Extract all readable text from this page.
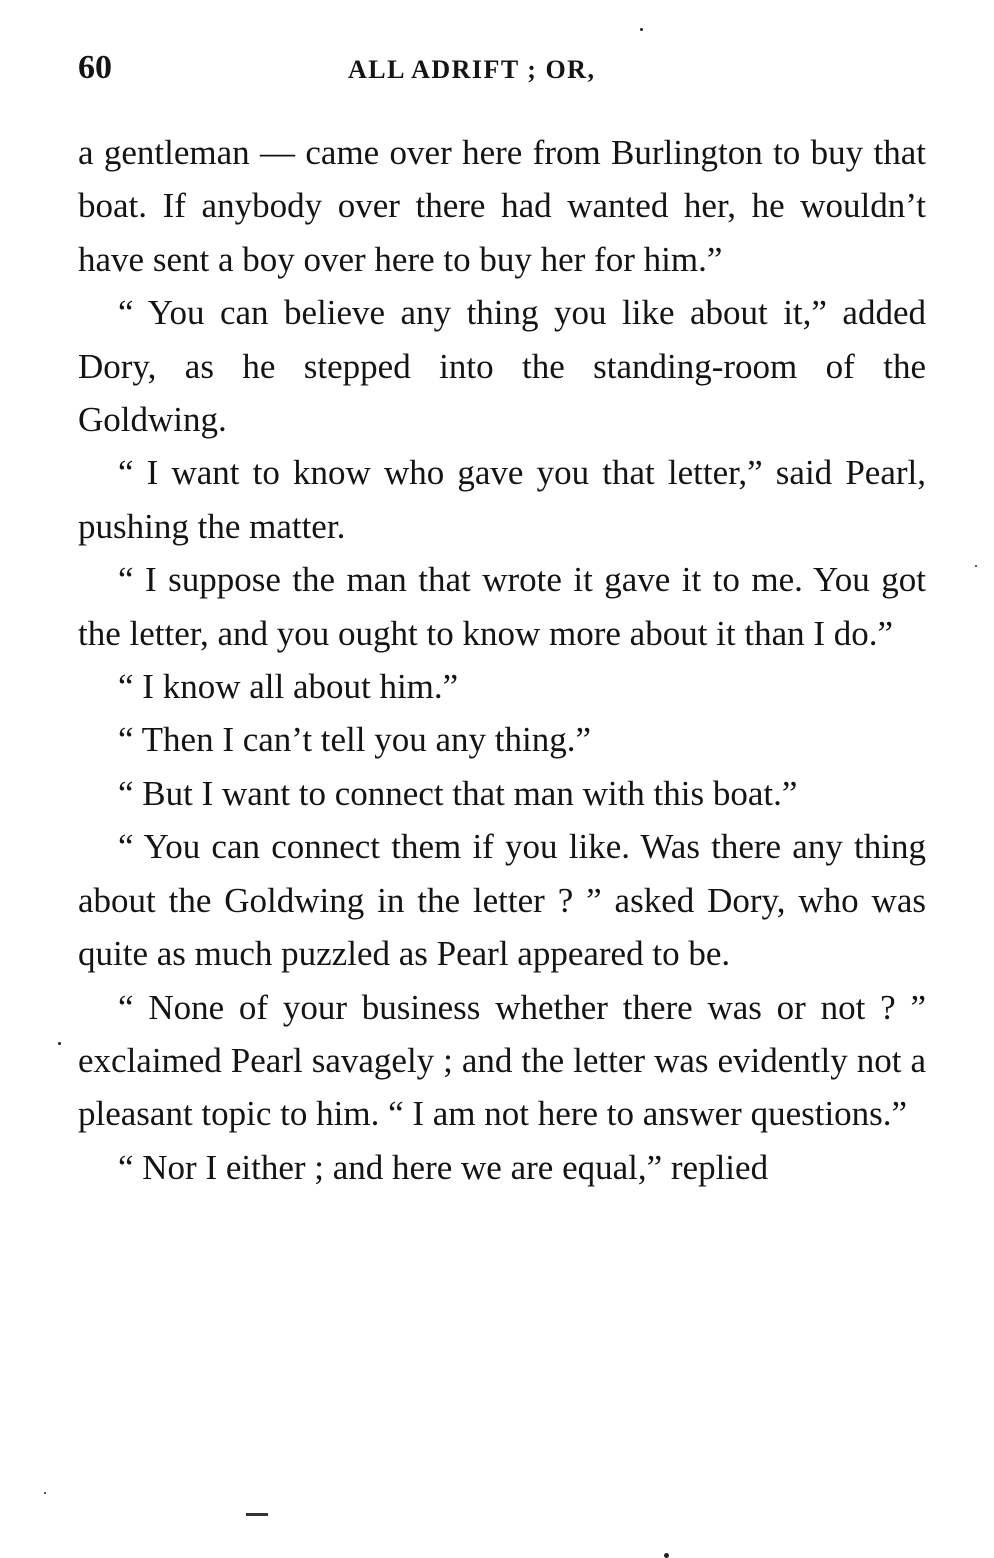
60	ALL ADRIFT ; OR,

a gentleman — came over here from Burlington to buy that boat. If anybody over there had wanted her, he wouldn’t have sent a boy over here to buy her for him.”

“ You can believe any thing you like about it,” added Dory, as he stepped into the standing-room of the Goldwing.

“ I want to know who gave you that letter,” said Pearl, pushing the matter.

“ I suppose the man that wrote it gave it to me. You got the letter, and you ought to know more about it than I do.”

“ I know all about him.”

“ Then I can’t tell you any thing.”

“ But I want to connect that man with this boat.”

“ You can connect them if you like. Was there any thing about the Goldwing in the letter ? ” asked Dory, who was quite as much puzzled as Pearl appeared to be.

“ None of your business whether there was or not ? ” exclaimed Pearl savagely ; and the letter was evidently not a pleasant topic to him. “ I am not here to answer questions.”

“ Nor I either ; and here we are equal,” replied
